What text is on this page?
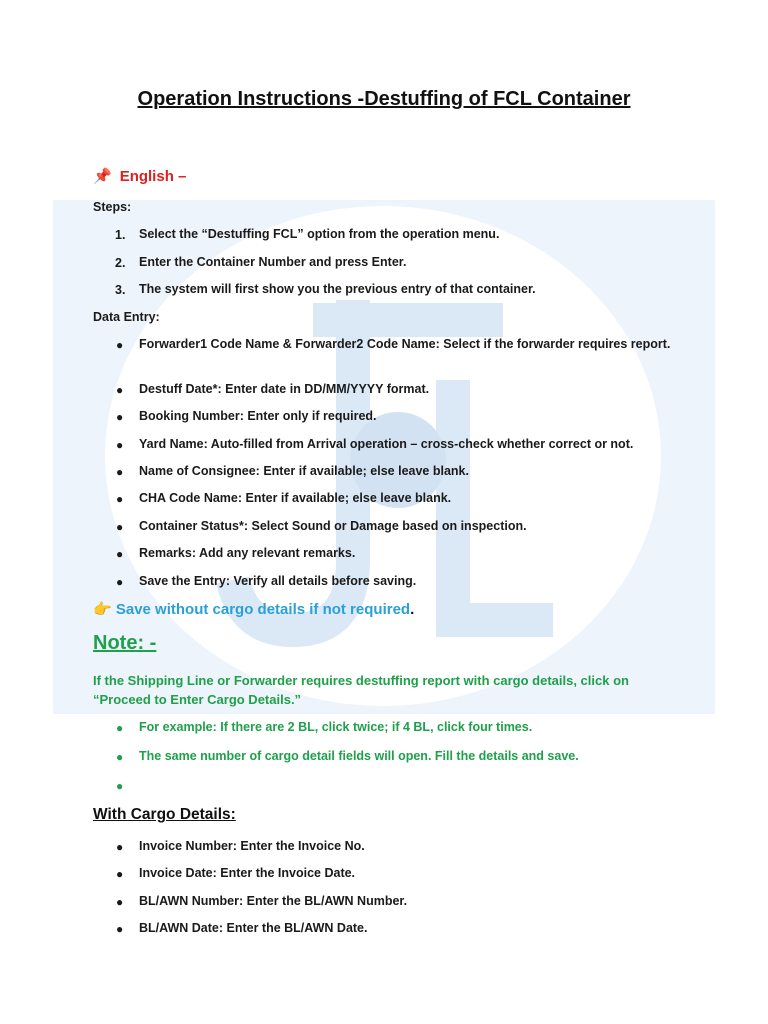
Operation Instructions -Destuffing of FCL Container
📌 English –
Steps:
1. Select the “Destuffing FCL” option from the operation menu.
2. Enter the Container Number and press Enter.
3. The system will first show you the previous entry of that container.
Data Entry:
● Forwarder1 Code Name & Forwarder2 Code Name: Select if the forwarder requires report.
● Destuff Date*: Enter date in DD/MM/YYYY format.
● Booking Number: Enter only if required.
● Yard Name: Auto-filled from Arrival operation – cross-check whether correct or not.
● Name of Consignee: Enter if available; else leave blank.
● CHA Code Name: Enter if available; else leave blank.
● Container Status*: Select Sound or Damage based on inspection.
● Remarks: Add any relevant remarks.
● Save the Entry: Verify all details before saving.
👉 Save without cargo details if not required.
Note: -
If the Shipping Line or Forwarder requires destuffing report with cargo details, click on “Proceed to Enter Cargo Details.”
● For example: If there are 2 BL, click twice; if 4 BL, click four times.
● The same number of cargo detail fields will open. Fill the details and save.
●
With Cargo Details:
● Invoice Number: Enter the Invoice No.
● Invoice Date: Enter the Invoice Date.
● BL/AWN Number: Enter the BL/AWN Number.
● BL/AWN Date: Enter the BL/AWN Date.
